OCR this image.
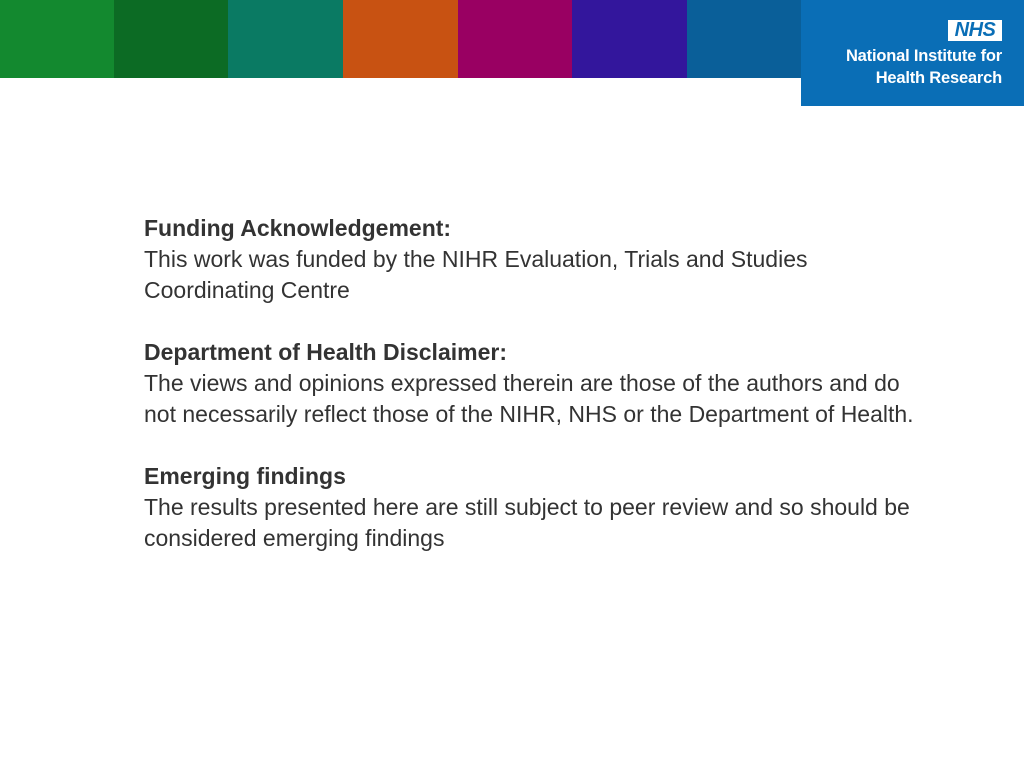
NHS
National Institute for
Health Research
Funding Acknowledgement:
This work was funded by the NIHR Evaluation, Trials and Studies Coordinating Centre
Department of Health Disclaimer:
The views and opinions expressed therein are those of the authors and do not necessarily reflect those of the NIHR, NHS or the Department of Health.
Emerging findings
The results presented here are still subject to peer review and so should be considered emerging findings
